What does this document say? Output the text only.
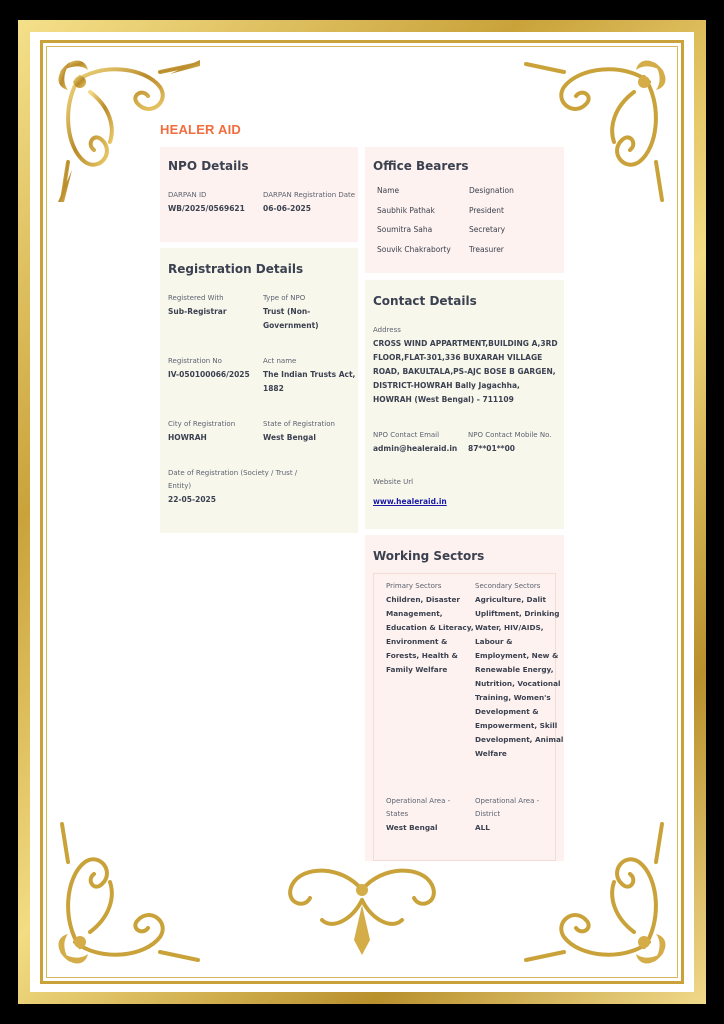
HEALER AID
NPO Details
DARPAN ID
WB/2025/0569621
DARPAN Registration Date
06-06-2025
Registration Details
Registered With
Sub-Registrar
Type of NPO
Trust (Non-Government)
Registration No
IV-050100066/2025
Act name
The Indian Trusts Act, 1882
City of Registration
HOWRAH
State of Registration
West Bengal
Date of Registration (Society / Trust / Entity)
22-05-2025
Office Bearers
Name	Designation
Saubhik Pathak	President
Soumitra Saha	Secretary
Souvik Chakraborty	Treasurer
Contact Details
Address
CROSS WIND APPARTMENT,BUILDING A,3RD FLOOR,FLAT-301,336 BUXARAH VILLAGE ROAD, BAKULTALA,PS-AJC BOSE B GARGEN, DISTRICT-HOWRAH Bally Jagachha, HOWRAH (West Bengal) - 711109
NPO Contact Email
admin@healeraid.in
NPO Contact Mobile No.
87**01**00
Website Url
www.healeraid.in
Working Sectors
Primary Sectors
Children, Disaster Management, Education & Literacy, Environment & Forests, Health & Family Welfare
Secondary Sectors
Agriculture, Dalit Upliftment, Drinking Water, HIV/AIDS, Labour & Employment, New & Renewable Energy, Nutrition, Vocational Training, Women's Development & Empowerment, Skill Development, Animal Welfare
Operational Area - States
West Bengal
Operational Area - District
ALL
